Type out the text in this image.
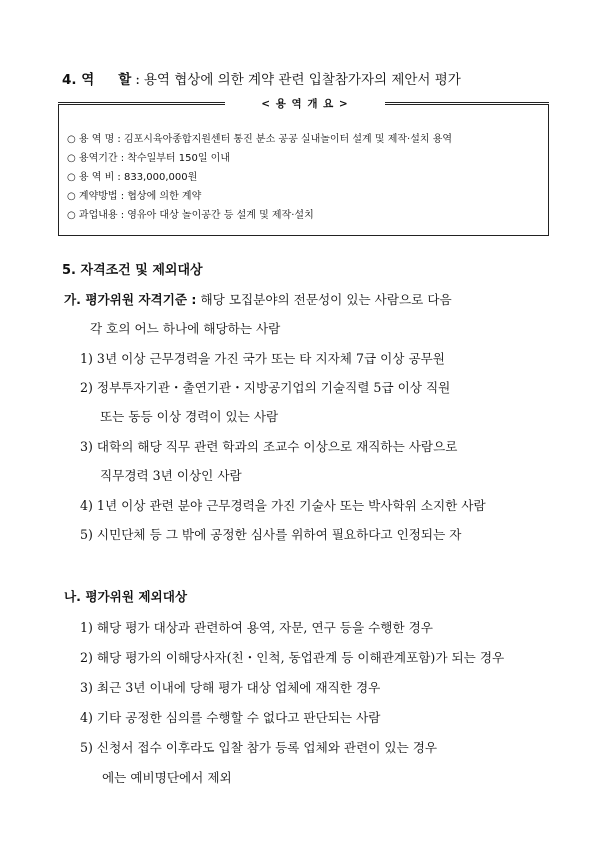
4. 역 할 : 용역 협상에 의한 계약 관련 입찰참가자의 제안서 평가
< 용 역 개 요 >
○ 용 역 명 : 김포시육아종합지원센터 통진 분소 공공 실내놀이터 설계 및 제작·설치 용역
○ 용역기간 : 착수일부터 150일 이내
○ 용 역 비 : 833,000,000원
○ 계약방법 : 협상에 의한 계약
○ 과업내용 : 영유아 대상 놀이공간 등 설계 및 제작·설치
5. 자격조건 및 제외대상
가. 평가위원 자격기준 : 해당 모집분야의 전문성이 있는 사람으로 다음
각 호의 어느 하나에 해당하는 사람
1) 3년 이상 근무경력을 가진 국가 또는 타 지자체 7급 이상 공무원
2) 정부투자기관・출연기관・지방공기업의 기술직렬 5급 이상 직원
또는 동등 이상 경력이 있는 사람
3) 대학의 해당 직무 관련 학과의 조교수 이상으로 재직하는 사람으로
직무경력 3년 이상인 사람
4) 1년 이상 관련 분야 근무경력을 가진 기술사 또는 박사학위 소지한 사람
5) 시민단체 등 그 밖에 공정한 심사를 위하여 필요하다고 인정되는 자
나. 평가위원 제외대상
1) 해당 평가 대상과 관련하여 용역, 자문, 연구 등을 수행한 경우
2) 해당 평가의 이해당사자(친・인척, 동업관계 등 이해관계포함)가 되는 경우
3) 최근 3년 이내에 당해 평가 대상 업체에 재직한 경우
4) 기타 공정한 심의를 수행할 수 없다고 판단되는 사람
5) 신청서 접수 이후라도 입찰 참가 등록 업체와 관련이 있는 경우
에는 예비명단에서 제외
